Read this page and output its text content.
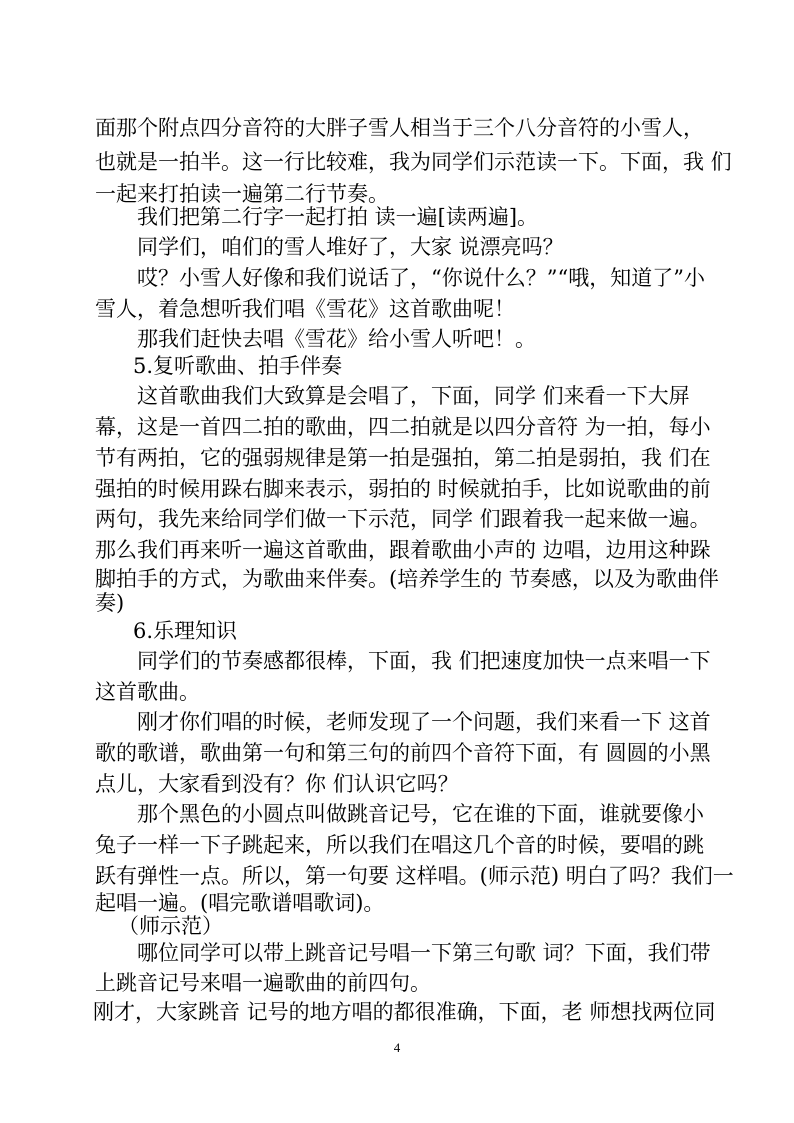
面那个附点四分音符的大胖子雪人相当于三个八分音符的小雪人，
也就是一拍半。这一行比较难，我为同学们示范读一下。下面，我 们
一起来打拍读一遍第二行节奏。
我们把第二行字一起打拍 读一遍[读两遍]。
同学们，咱们的雪人堆好了，大家 说漂亮吗？
哎？小雪人好像和我们说话了，“你说什么？”“哦，知道了”小
雪人，着急想听我们唱《雪花》这首歌曲呢！
那我们赶快去唱《雪花》给小雪人听吧！。
5.复听歌曲、拍手伴奏
这首歌曲我们大致算是会唱了，下面，同学 们来看一下大屏
幕，这是一首四二拍的歌曲，四二拍就是以四分音符 为一拍，每小
节有两拍，它的强弱规律是第一拍是强拍，第二拍是弱拍，我 们在
强拍的时候用跺右脚来表示，弱拍的 时候就拍手，比如说歌曲的前
两句，我先来给同学们做一下示范，同学 们跟着我一起来做一遍。
那么我们再来听一遍这首歌曲，跟着歌曲小声的 边唱，边用这种跺
脚拍手的方式，为歌曲来伴奏。(培养学生的 节奏感，以及为歌曲伴
奏)
6.乐理知识
同学们的节奏感都很棒，下面，我 们把速度加快一点来唱一下
这首歌曲。
刚才你们唱的时候，老师发现了一个问题，我们来看一下 这首
歌的歌谱，歌曲第一句和第三句的前四个音符下面，有 圆圆的小黑
点儿，大家看到没有？你 们认识它吗？
那个黑色的小圆点叫做跳音记号，它在谁的下面，谁就要像小
兔子一样一下子跳起来，所以我们在唱这几个音的时候，要唱的跳
跃有弹性一点。所以，第一句要 这样唱。(师示范) 明白了吗？我们一
起唱一遍。(唱完歌谱唱歌词)。
（师示范）
哪位同学可以带上跳音记号唱一下第三句歌 词？下面，我们带
上跳音记号来唱一遍歌曲的前四句。
刚才，大家跳音 记号的地方唱的都很准确，下面，老 师想找两位同
4
